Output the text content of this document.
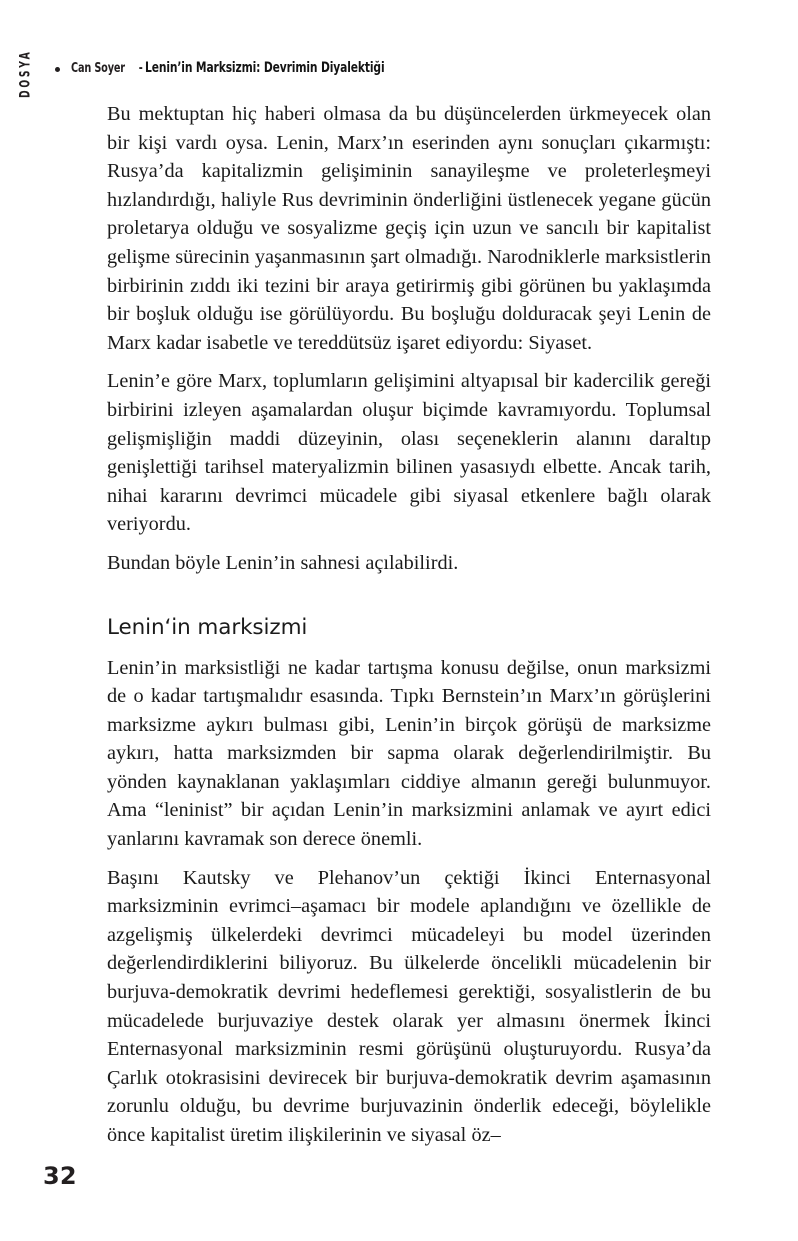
Can Soyer - Lenin’in Marksizmi: Devrimin Diyalektiği
DOSYA

Bu mektuptan hiç haberi olmasa da bu düşüncelerden ürkmeyecek olan bir kişi vardı oysa. Lenin, Marx’ın eserinden aynı sonuçları çıkarmıştı: Rusya’da kapitalizmin gelişiminin sanayileşme ve proleterleşmeyi hızlandırdığı, haliyle Rus devriminin önderliğini üstlenecek yegane gücün proletarya olduğu ve sosyalizme geçiş için uzun ve sancılı bir kapitalist gelişme sürecinin yaşanmasının şart olmadığı. Narodniklerle marksistlerin birbirinin zıddı iki tezini bir araya getirirmiş gibi görünen bu yaklaşımda bir boşluk olduğu ise görülüyordu. Bu boşluğu dolduracak şeyi Lenin de Marx kadar isabetle ve tereddütsüz işaret ediyordu: Siyaset.

Lenin’e göre Marx, toplumların gelişimini altyapısal bir kadercilik gereği birbirini izleyen aşamalardan oluşur biçimde kavramıyordu. Toplumsal gelişmişliğin maddi düzeyinin, olası seçeneklerin alanını daraltıp genişlettiği tarihsel materyalizmin bilinen yasasıydı elbette. Ancak tarih, nihai kararını devrimci mücadele gibi siyasal etkenlere bağlı olarak veriyordu.

Bundan böyle Lenin’in sahnesi açılabilirdi.

Lenin‘in marksizmi

Lenin’in marksistliği ne kadar tartışma konusu değilse, onun marksizmi de o kadar tartışmalıdır esasında. Tıpkı Bernstein’ın Marx’ın görüşlerini marksizme aykırı bulması gibi, Lenin’in birçok görüşü de marksizme aykırı, hatta marksizmden bir sapma olarak değerlendirilmiştir. Bu yönden kaynaklanan yaklaşımları ciddiye almanın gereği bulunmuyor. Ama “leninist” bir açıdan Lenin’in marksizmini anlamak ve ayırt edici yanlarını kavramak son derece önemli.

Başını Kautsky ve Plehanov’un çektiği İkinci Enternasyonal marksizminin evrimci–aşamacı bir modele aplandığını ve özellikle de azgelişmiş ülkelerdeki devrimci mücadeleyi bu model üzerinden değerlendirdiklerini biliyoruz. Bu ülkelerde öncelikli mücadelenin bir burjuva-demokratik devrimi hedeflemesi gerektiği, sosyalistlerin de bu mücadelede burjuvaziye destek olarak yer almasını önermek İkinci Enternasyonal marksizminin resmi görüşünü oluşturuyordu. Rusya’da Çarlık otokrasisini devirecek bir burjuva-demokratik devrim aşamasının zorunlu olduğu, bu devrime burjuvazinin önderlik edeceği, böylelikle önce kapitalist üretim ilişkilerinin ve siyasal öz–

32
